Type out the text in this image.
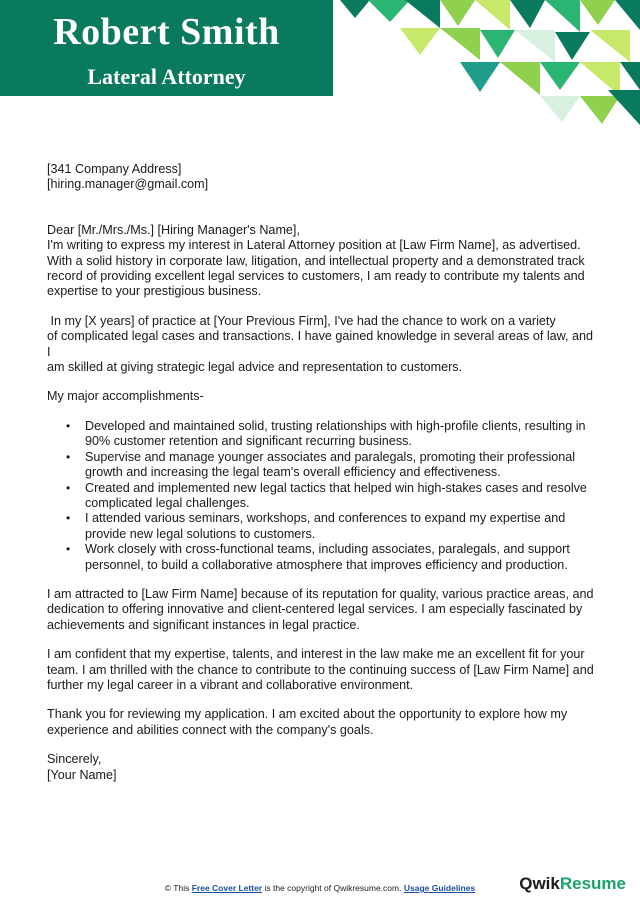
Robert Smith
Lateral Attorney

[341 Company Address]

[hiring.manager@gmail.com]

Dear [Mr./Mrs./Ms.] [Hiring Manager's Name],

I'm writing to express my interest in Lateral Attorney position at [Law Firm Name], as advertised.

With a solid history in corporate law, litigation, and intellectual property and a demonstrated track

record of providing excellent legal services to customers, I am ready to contribute my talents and

expertise to your prestigious business.

In my [X years] of practice at [Your Previous Firm], I've had the chance to work on a variety

of complicated legal cases and transactions. I have gained knowledge in several areas of law, and I

am skilled at giving strategic legal advice and representation to customers.

My major accomplishments-

• Developed and maintained solid, trusting relationships with high-profile clients, resulting in

90% customer retention and significant recurring business.

• Supervise and manage younger associates and paralegals, promoting their professional

growth and increasing the legal team's overall efficiency and effectiveness.

• Created and implemented new legal tactics that helped win high-stakes cases and resolve

complicated legal challenges.

• I attended various seminars, workshops, and conferences to expand my expertise and

provide new legal solutions to customers.

• Work closely with cross-functional teams, including associates, paralegals, and support

personnel, to build a collaborative atmosphere that improves efficiency and production.

I am attracted to [Law Firm Name] because of its reputation for quality, various practice areas, and

dedication to offering innovative and client-centered legal services. I am especially fascinated by

achievements and significant instances in legal practice.

I am confident that my expertise, talents, and interest in the law make me an excellent fit for your

team. I am thrilled with the chance to contribute to the continuing success of [Law Firm Name] and

further my legal career in a vibrant and collaborative environment.

Thank you for reviewing my application. I am excited about the opportunity to explore how my

experience and abilities connect with the company's goals.

Sincerely,

[Your Name]

© This Free Cover Letter is the copyright of Qwikresume.com. Usage Guidelines	QwikResume
